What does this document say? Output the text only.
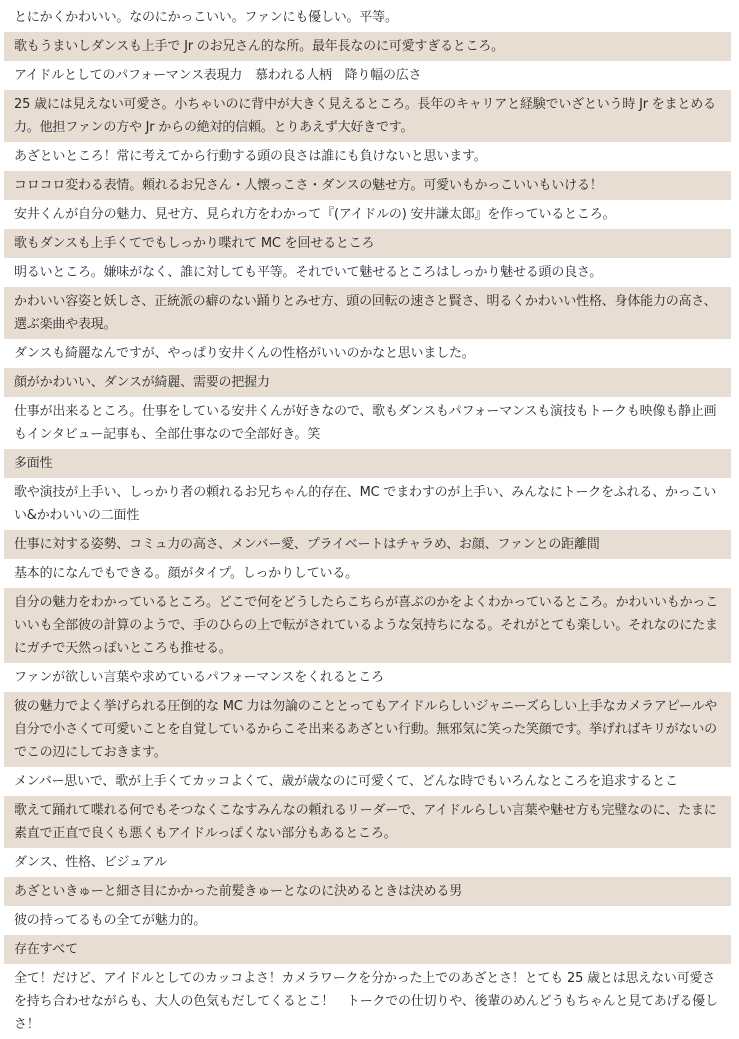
とにかくかわいい。なのにかっこいい。ファンにも優しい。平等。
歌もうまいしダンスも上手で Jr のお兄さん的な所。最年長なのに可愛すぎるところ。
アイドルとしてのパフォーマンス表現力　慕われる人柄　降り幅の広さ
25 歳には見えない可愛さ。小ちゃいのに背中が大きく見えるところ。長年のキャリアと経験でいざという時 Jr をまとめる力。他担ファンの方や Jr からの絶対的信頼。とりあえず大好きです。
あざといところ！常に考えてから行動する頭の良さは誰にも負けないと思います。
コロコロ変わる表情。頼れるお兄さん・人懐っこさ・ダンスの魅せ方。可愛いもかっこいいもいける！
安井くんが自分の魅力、見せ方、見られ方をわかって『(アイドルの) 安井謙太郎』を作っているところ。
歌もダンスも上手くてでもしっかり喋れて MC を回せるところ
明るいところ。嫌味がなく、誰に対しても平等。それでいて魅せるところはしっかり魅せる頭の良さ。
かわいい容姿と妖しさ、正統派の癖のない踊りとみせ方、頭の回転の速さと賢さ、明るくかわいい性格、身体能力の高さ、選ぶ楽曲や表現。
ダンスも綺麗なんですが、やっぱり安井くんの性格がいいのかなと思いました。
顔がかわいい、ダンスが綺麗、需要の把握力
仕事が出来るところ。仕事をしている安井くんが好きなので、歌もダンスもパフォーマンスも演技もトークも映像も静止画もインタビュー記事も、全部仕事なので全部好き。笑
多面性
歌や演技が上手い、しっかり者の頼れるお兄ちゃん的存在、MC でまわすのが上手い、みんなにトークをふれる、かっこいい&かわいいの二面性
仕事に対する姿勢、コミュ力の高さ、メンバー愛、プライベートはチャラめ、お顔、ファンとの距離間
基本的になんでもできる。顔がタイプ。しっかりしている。
自分の魅力をわかっているところ。どこで何をどうしたらこちらが喜ぶのかをよくわかっているところ。かわいいもかっこいいも全部彼の計算のようで、手のひらの上で転がされているような気持ちになる。それがとても楽しい。それなのにたまにガチで天然っぽいところも推せる。
ファンが欲しい言葉や求めているパフォーマンスをくれるところ
彼の魅力でよく挙げられる圧倒的な MC 力は勿論のこととってもアイドルらしいジャニーズらしい上手なカメラアピールや自分で小さくて可愛いことを自覚しているからこそ出来るあざとい行動。無邪気に笑った笑顔です。挙げればキリがないのでこの辺にしておきます。
メンバー思いで、歌が上手くてカッコよくて、歳が歳なのに可愛くて、どんな時でもいろんなところを追求するとこ
歌えて踊れて喋れる何でもそつなくこなすみんなの頼れるリーダーで、アイドルらしい言葉や魅せ方も完璧なのに、たまに素直で正直で良くも悪くもアイドルっぽくない部分もあるところ。
ダンス、性格、ビジュアル
あざといきゅーと細さ目にかかった前髪きゅーとなのに決めるときは決める男
彼の持ってるもの全てが魅力的。
存在すべて
全て！だけど、アイドルとしてのカッコよさ！カメラワークを分かった上でのあざとさ！とても 25 歳とは思えない可愛さを持ち合わせながらも、大人の色気もだしてくるとこ！　トークでの仕切りや、後輩のめんどうもちゃんと見てあげる優しさ！
